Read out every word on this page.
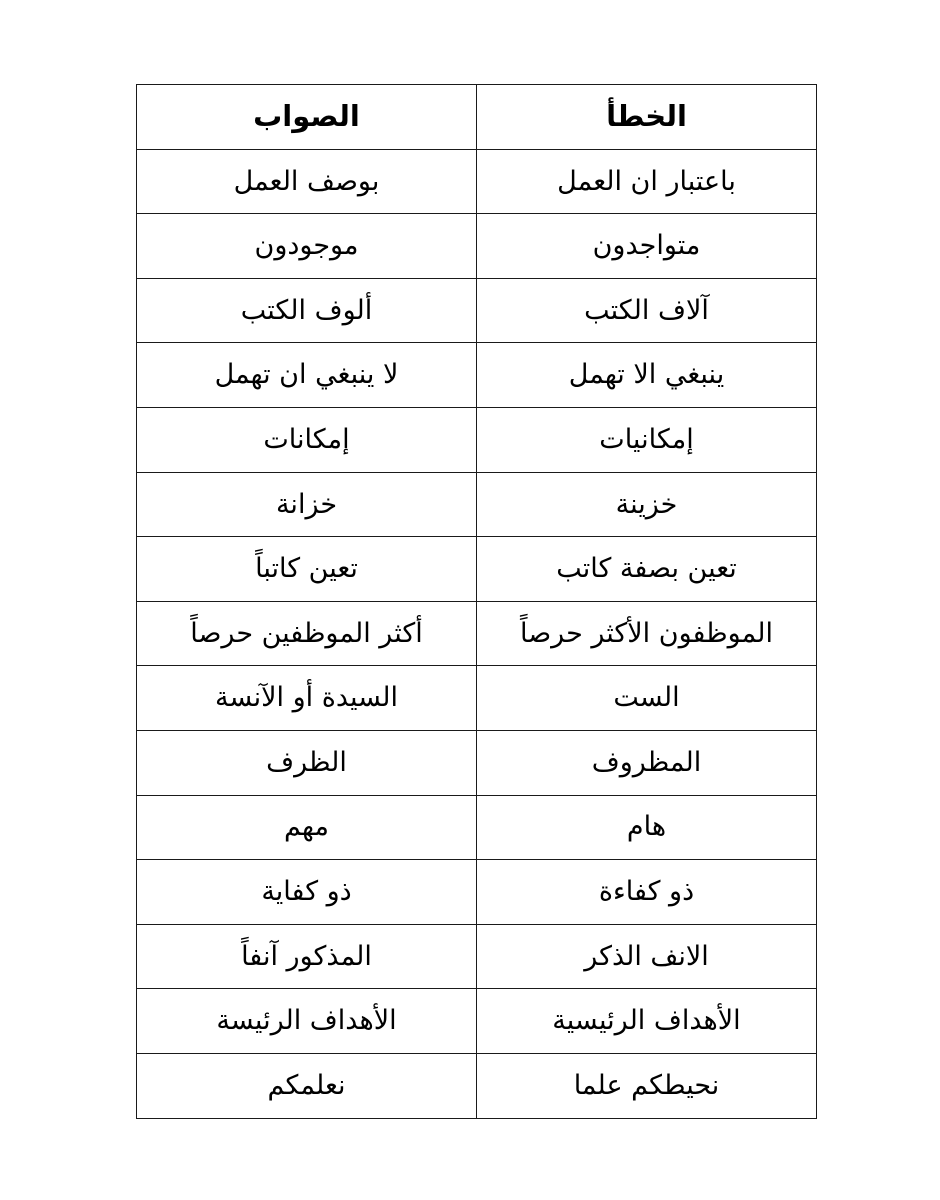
الخطأ	الصواب
باعتبار ان العمل	بوصف العمل
متواجدون	موجودون
آلاف الكتب	ألوف الكتب
ينبغي الا تهمل	لا ينبغي ان تهمل
إمكانيات	إمكانات
خزينة	خزانة
تعين بصفة كاتب	تعين كاتباً
الموظفون الأكثر حرصاً	أكثر الموظفين حرصاً
الست	السيدة أو الآنسة
المظروف	الظرف
هام	مهم
ذو كفاءة	ذو كفاية
الانف الذكر	المذكور آنفاً
الأهداف الرئيسية	الأهداف الرئيسة
نحيطكم علما	نعلمكم
